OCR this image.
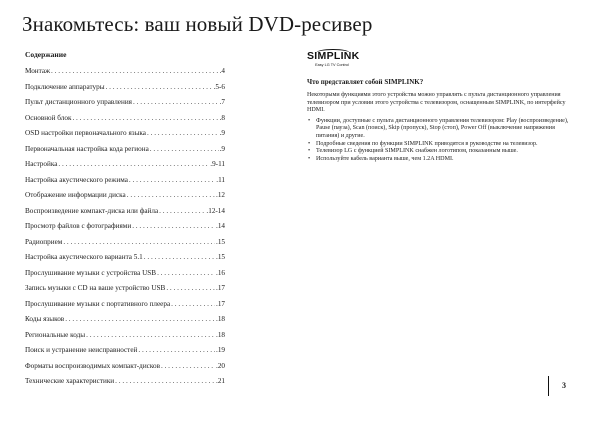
Знакомьтесь: ваш новый DVD-ресивер
Содержание
Монтаж . . .	.4
Подключение аппаратуры . . .	.5-6
Пульт дистанционного управления . . .	.7
Основной блок . . .	.8
OSD настройки первоначального языка . . .	.9
Первоначальная настройка кода региона . . .	.9
Настройка . . .	.9-11
Настройка акустического режима . . .	.11
Отображение информации диска . . .	.12
Воспроизведение компакт-диска или файла . . .	.12-14
Просмотр файлов с фотографиями . . .	.14
Радиоприем . . .	.15
Настройка акустического варианта 5.1 . . .	.15
Прослушивание музыки с устройства USB . . .	.16
Запись музыки с CD на ваше устройство USB . . .	.17
Прослушивание музыки с портативного плеера . . .	.17
Коды языков . . .	.18
Региональные коды . . .	.18
Поиск и устранение неисправностей . . .	.19
Форматы воспроизводимых компакт-дисков . . .	.20
Технические характеристики . . .	.21
SIMPLINK
Easy LG TV Control

Что представляет собой SIMPLINK?

Некоторыми функциями этого устройства можно управлять с пульта дистанционного управления телевизором при условии этого устройства с телевизором, оснащенным SIMPLINK, по интерфейсу HDMI.

• Функции, доступные с пульта дистанционного управления телевизором: Play (воспроизведение), Pause (пауза), Scan (поиск), Skip (пропуск), Stop (стоп), Power Off (выключение напряжения питания) и другие.
• Подробные сведения по функции SIMPLINK приводятся в руководстве на телевизор.
• Телевизор LG с функцией SIMPLINK снабжен логотипом, показанным выше.
• Используйте кабель варианта выше, чем 1.2A HDMI.
3
